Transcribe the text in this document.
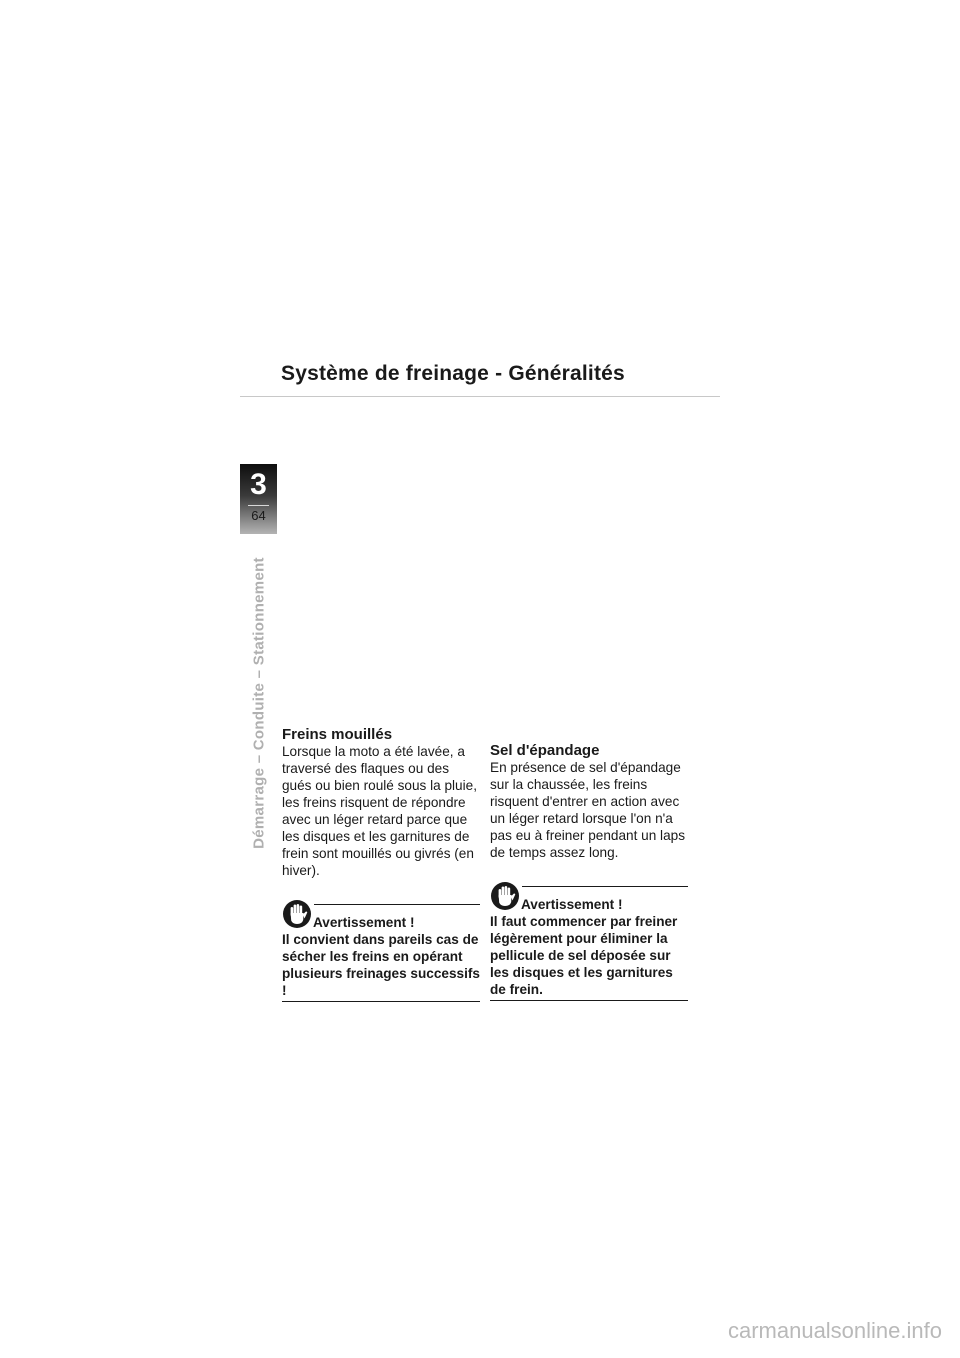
Système de freinage - Généralités
3
64
Démarrage – Conduite – Stationnement Freins mouillés

Lorsque la moto a été lavée, a traversé des flaques ou des gués ou bien roulé sous la pluie, les freins risquent de répondre avec un léger retard parce que les disques et les garnitures de frein sont mouillés ou givrés (en hiver).

Avertissement !
Il convient dans pareils cas de sécher les freins en opérant plusieurs freinages successifs !

Sel d'épandage

En présence de sel d'épandage sur la chaussée, les freins risquent d'entrer en action avec un léger retard lorsque l'on n'a pas eu à freiner pendant un laps de temps assez long.

Avertissement !
Il faut commencer par freiner légèrement pour éliminer la pellicule de sel déposée sur les disques et les garnitures de frein.
carmanualsonline.info
